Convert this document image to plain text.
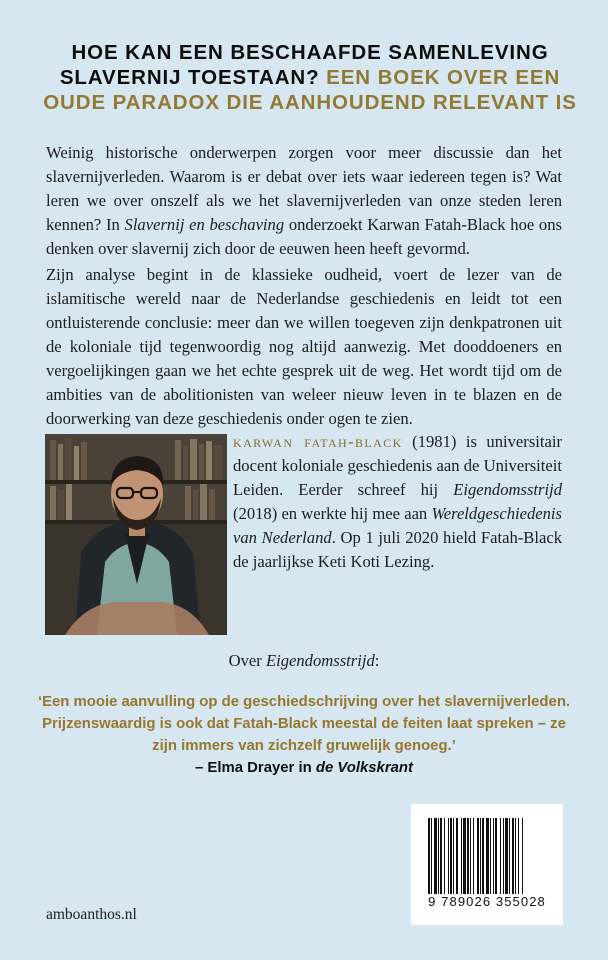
HOE KAN EEN BESCHAAFDE SAMENLEVING SLAVERNIJ TOESTAAN? EEN BOEK OVER EEN OUDE PARADOX DIE AANHOUDEND RELEVANT IS

Weinig historische onderwerpen zorgen voor meer discussie dan het slavernijverleden. Waarom is er debat over iets waar iedereen tegen is? Wat leren we over onszelf als we het slavernijverleden van onze steden leren kennen? In Slavernij en beschaving onderzoekt Karwan Fatah-Black hoe ons denken over slavernij zich door de eeuwen heen heeft gevormd.

Zijn analyse begint in de klassieke oudheid, voert de lezer van de islamitische wereld naar de Nederlandse geschiedenis en leidt tot een ontluisterende conclusie: meer dan we willen toegeven zijn denkpatronen uit de koloniale tijd tegenwoordig nog altijd aanwezig. Met dooddoeners en vergoelijkingen gaan we het echte gesprek uit de weg. Het wordt tijd om de ambities van de abolitionisten van weleer nieuw leven in te blazen en de doorwerking van deze geschiedenis onder ogen te zien.

karwan fatah-black (1981) is universitair docent koloniale geschiedenis aan de Universiteit Leiden. Eerder schreef hij Eigendomsstrijd (2018) en werkte hij mee aan Wereldgeschiedenis van Nederland. Op 1 juli 2020 hield Fatah-Black de jaarlijkse Keti Koti Lezing.

Over Eigendomsstrijd:
‘Een mooie aanvulling op de geschiedschrijving over het slavernijverleden. Prijzenswaardig is ook dat Fatah-Black meestal de feiten laat spreken – ze zijn immers van zichzelf gruwelijk genoeg.’
– Elma Drayer in de Volkskrant
amboanthos.nl
9 789026 355028
